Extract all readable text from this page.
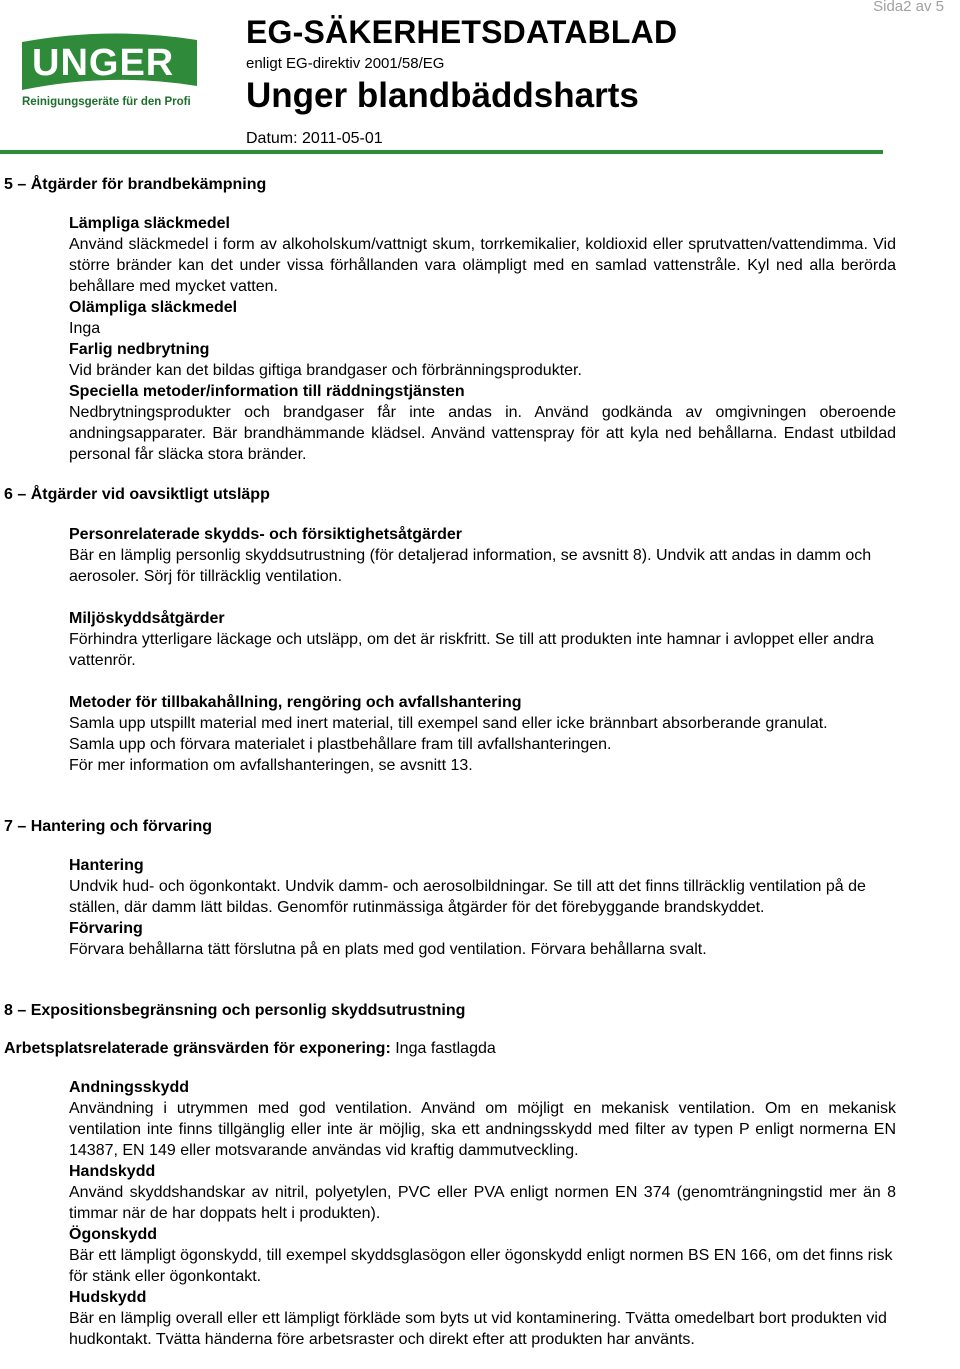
UNGER
Reinigungsgeräte für den Profi
EG-SÄKERHETSDATABLAD
enligt EG-direktiv 2001/58/EG
Unger blandbäddsharts
Datum: 2011-05-01
Sida2 av 5
5 – Åtgärder för brandbekämpning
Lämpliga släckmedel
Använd släckmedel i form av alkoholskum/vattnigt skum, torrkemikalier, koldioxid eller sprutvatten/vattendimma. Vid större bränder kan det under vissa förhållanden vara olämpligt med en samlad vattenstråle. Kyl ned alla berörda behållare med mycket vatten.
Olämpliga släckmedel
Inga
Farlig nedbrytning
Vid bränder kan det bildas giftiga brandgaser och förbränningsprodukter.
Speciella metoder/information till räddningstjänsten
Nedbrytningsprodukter och brandgaser får inte andas in. Använd godkända av omgivningen oberoende andningsapparater. Bär brandhämmande klädsel. Använd vattenspray för att kyla ned behållarna. Endast utbildad personal får släcka stora bränder.
6 – Åtgärder vid oavsiktligt utsläpp
Personrelaterade skydds- och försiktighetsåtgärder
Bär en lämplig personlig skyddsutrustning (för detaljerad information, se avsnitt 8). Undvik att andas in damm och aerosoler. Sörj för tillräcklig ventilation.
Miljöskyddsåtgärder
Förhindra ytterligare läckage och utsläpp, om det är riskfritt. Se till att produkten inte hamnar i avloppet eller andra vattenrör.
Metoder för tillbakahållning, rengöring och avfallshantering
Samla upp utspillt material med inert material, till exempel sand eller icke brännbart absorberande granulat.
Samla upp och förvara materialet i plastbehållare fram till avfallshanteringen.
För mer information om avfallshanteringen, se avsnitt 13.
7 – Hantering och förvaring
Hantering
Undvik hud- och ögonkontakt. Undvik damm- och aerosolbildningar. Se till att det finns tillräcklig ventilation på de ställen, där damm lätt bildas. Genomför rutinmässiga åtgärder för det förebyggande brandskyddet.
Förvaring
Förvara behållarna tätt förslutna på en plats med god ventilation. Förvara behållarna svalt.
8 – Expositionsbegränsning och personlig skyddsutrustning
Arbetsplatsrelaterade gränsvärden för exponering: Inga fastlagda
Andningsskydd
Användning i utrymmen med god ventilation. Använd om möjligt en mekanisk ventilation. Om en mekanisk ventilation inte finns tillgänglig eller inte är möjlig, ska ett andningsskydd med filter av typen P enligt normerna EN 14387, EN 149 eller motsvarande användas vid kraftig dammutveckling.
Handskydd
Använd skyddshandskar av nitril, polyetylen, PVC eller PVA enligt normen EN 374 (genomträngningstid mer än 8 timmar när de har doppats helt i produkten).
Ögonskydd
Bär ett lämpligt ögonskydd, till exempel skyddsglasögon eller ögonskydd enligt normen BS EN 166, om det finns risk för stänk eller ögonkontakt.
Hudskydd
Bär en lämplig overall eller ett lämpligt förkläde som byts ut vid kontaminering. Tvätta omedelbart bort produkten vid hudkontakt. Tvätta händerna före arbetsraster och direkt efter att produkten har använts.
